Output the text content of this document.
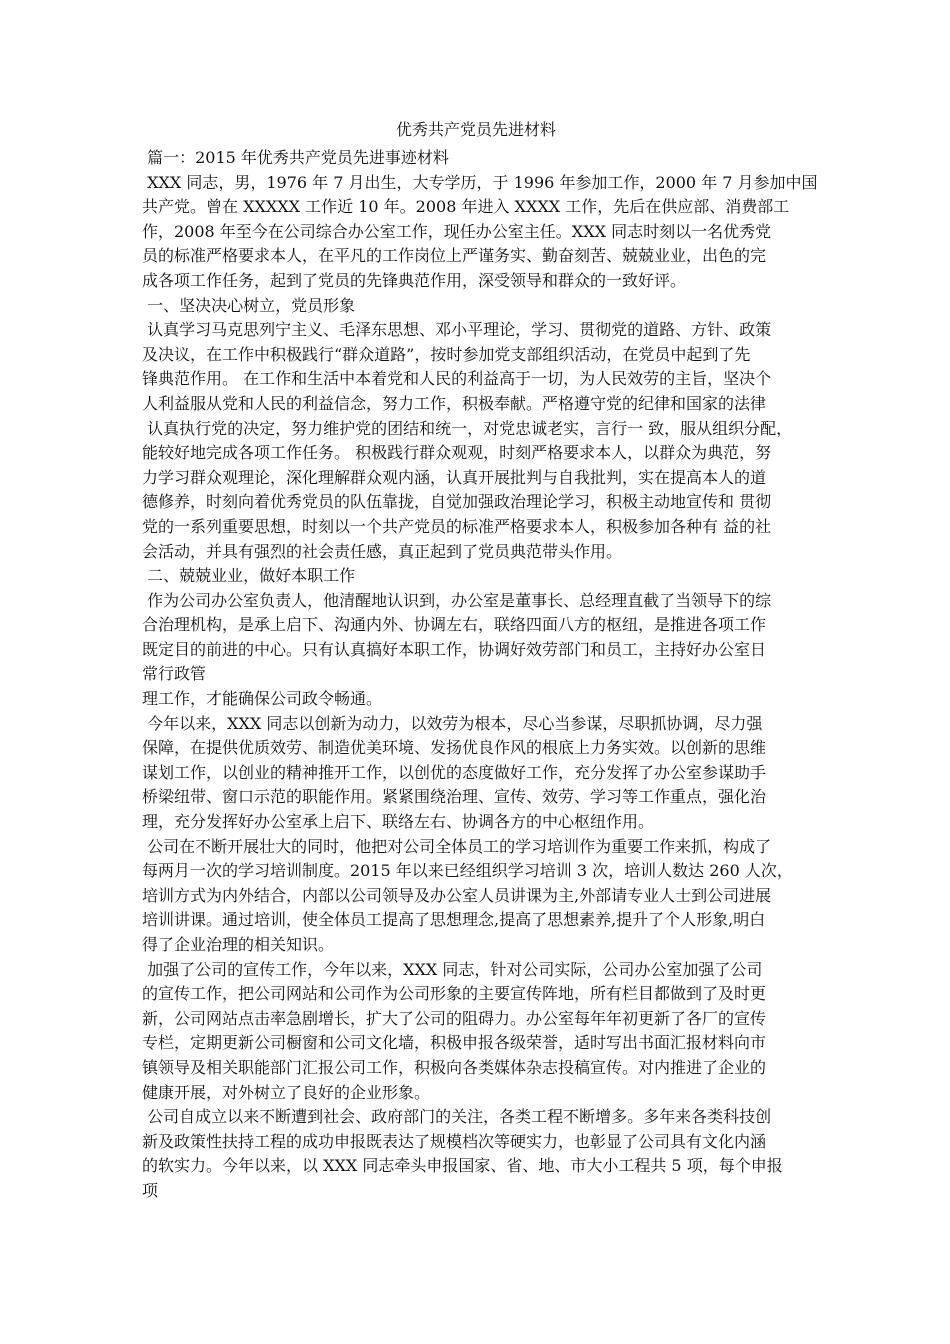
优秀共产党员先进材料
篇一：2015 年优秀共产党员先进事迹材料
XXX 同志，男，1976 年 7 月出生，大专学历，于 1996 年参加工作，2000 年 7 月参加中国
共产党。曾在 XXXXX 工作近 10 年。2008 年进入 XXXX 工作，先后在供应部、消费部工
作，2008 年至今在公司综合办公室工作，现任办公室主任。XXX 同志时刻以一名优秀党
员的标准严格要求本人，在平凡的工作岗位上严谨务实、勤奋刻苦、兢兢业业，出色的完
成各项工作任务，起到了党员的先锋典范作用，深受领导和群众的一致好评。
一、坚决决心树立，党员形象
认真学习马克思列宁主义、毛泽东思想、邓小平理论，学习、贯彻党的道路、方针、政策
及决议，在工作中积极践行“群众道路”，按时参加党支部组织活动，在党员中起到了先
锋典范作用。 在工作和生活中本着党和人民的利益高于一切，为人民效劳的主旨，坚决个
人利益服从党和人民的利益信念，努力工作，积极奉献。严格遵守党的纪律和国家的法律
认真执行党的决定，努力维护党的团结和统一，对党忠诚老实，言行一 致，服从组织分配，
能较好地完成各项工作任务。 积极践行群众观观，时刻严格要求本人，以群众为典范，努
力学习群众观理论，深化理解群众观内涵，认真开展批判与自我批判，实在提高本人的道
德修养，时刻向着优秀党员的队伍靠拢，自觉加强政治理论学习，积极主动地宣传和 贯彻
党的一系列重要思想，时刻以一个共产党员的标准严格要求本人，积极参加各种有 益的社
会活动，并具有强烈的社会责任感，真正起到了党员典范带头作用。
二、兢兢业业，做好本职工作
作为公司办公室负责人，他清醒地认识到，办公室是董事长、总经理直截了当领导下的综
合治理机构，是承上启下、沟通内外、协调左右，联络四面八方的枢纽，是推进各项工作
既定目的前进的中心。只有认真搞好本职工作，协调好效劳部门和员工，主持好办公室日
常行政管
理工作，才能确保公司政令畅通。
今年以来，XXX 同志以创新为动力，以效劳为根本，尽心当参谋，尽职抓协调，尽力强
保障，在提供优质效劳、制造优美环境、发扬优良作风的根底上力务实效。以创新的思维
谋划工作，以创业的精神推开工作，以创优的态度做好工作，充分发挥了办公室参谋助手
桥梁纽带、窗口示范的职能作用。紧紧围绕治理、宣传、效劳、学习等工作重点，强化治
理，充分发挥好办公室承上启下、联络左右、协调各方的中心枢纽作用。
公司在不断开展壮大的同时，他把对公司全体员工的学习培训作为重要工作来抓，构成了
每两月一次的学习培训制度。2015 年以来已经组织学习培训 3 次，培训人数达 260 人次，
培训方式为内外结合，内部以公司领导及办公室人员讲课为主,外部请专业人士到公司进展
培训讲课。通过培训，使全体员工提高了思想理念,提高了思想素养,提升了个人形象,明白
得了企业治理的相关知识。
加强了公司的宣传工作，今年以来，XXX 同志，针对公司实际，公司办公室加强了公司
的宣传工作，把公司网站和公司作为公司形象的主要宣传阵地，所有栏目都做到了及时更
新，公司网站点击率急剧增长，扩大了公司的阻碍力。办公室每年年初更新了各厂的宣传
专栏，定期更新公司橱窗和公司文化墙，积极申报各级荣誉，适时写出书面汇报材料向市
镇领导及相关职能部门汇报公司工作，积极向各类媒体杂志投稿宣传。对内推进了企业的
健康开展，对外树立了良好的企业形象。
公司自成立以来不断遭到社会、政府部门的关注，各类工程不断增多。多年来各类科技创
新及政策性扶持工程的成功申报既表达了规模档次等硬实力，也彰显了公司具有文化内涵
的软实力。今年以来，以 XXX 同志牵头申报国家、省、地、市大小工程共 5 项，每个申报
项
